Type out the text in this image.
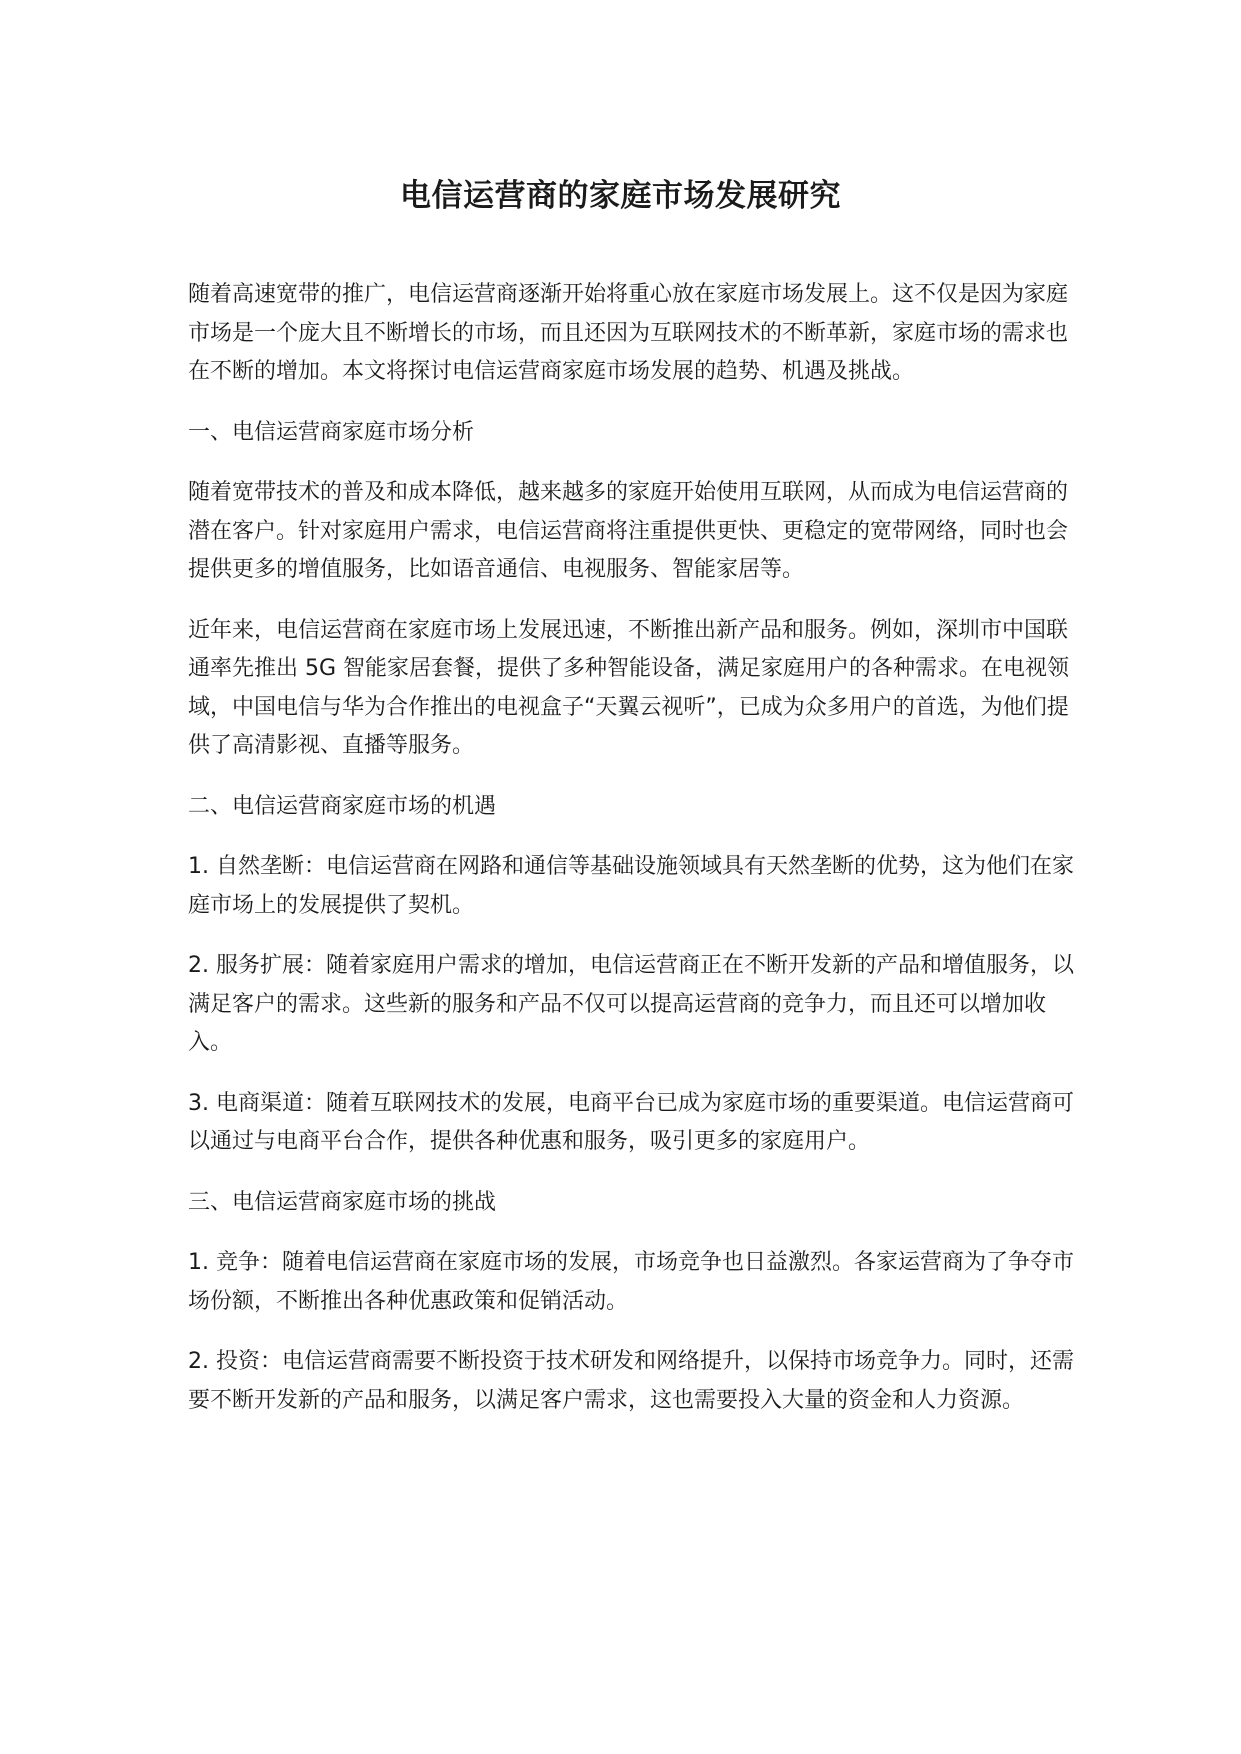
电信运营商的家庭市场发展研究

随着高速宽带的推广，电信运营商逐渐开始将重心放在家庭市场发展上。这不仅是因为家庭市场是一个庞大且不断增长的市场，而且还因为互联网技术的不断革新，家庭市场的需求也在不断的增加。本文将探讨电信运营商家庭市场发展的趋势、机遇及挑战。

一、电信运营商家庭市场分析

随着宽带技术的普及和成本降低，越来越多的家庭开始使用互联网，从而成为电信运营商的潜在客户。针对家庭用户需求，电信运营商将注重提供更快、更稳定的宽带网络，同时也会提供更多的增值服务，比如语音通信、电视服务、智能家居等。

近年来，电信运营商在家庭市场上发展迅速，不断推出新产品和服务。例如，深圳市中国联通率先推出 5G 智能家居套餐，提供了多种智能设备，满足家庭用户的各种需求。在电视领域，中国电信与华为合作推出的电视盒子“天翼云视听”，已成为众多用户的首选，为他们提供了高清影视、直播等服务。

二、电信运营商家庭市场的机遇

1. 自然垄断：电信运营商在网路和通信等基础设施领域具有天然垄断的优势，这为他们在家庭市场上的发展提供了契机。

2. 服务扩展：随着家庭用户需求的增加，电信运营商正在不断开发新的产品和增值服务，以满足客户的需求。这些新的服务和产品不仅可以提高运营商的竞争力，而且还可以增加收入。

3. 电商渠道：随着互联网技术的发展，电商平台已成为家庭市场的重要渠道。电信运营商可以通过与电商平台合作，提供各种优惠和服务，吸引更多的家庭用户。

三、电信运营商家庭市场的挑战

1. 竞争：随着电信运营商在家庭市场的发展，市场竞争也日益激烈。各家运营商为了争夺市场份额，不断推出各种优惠政策和促销活动。

2. 投资：电信运营商需要不断投资于技术研发和网络提升，以保持市场竞争力。同时，还需要不断开发新的产品和服务，以满足客户需求，这也需要投入大量的资金和人力资源。
